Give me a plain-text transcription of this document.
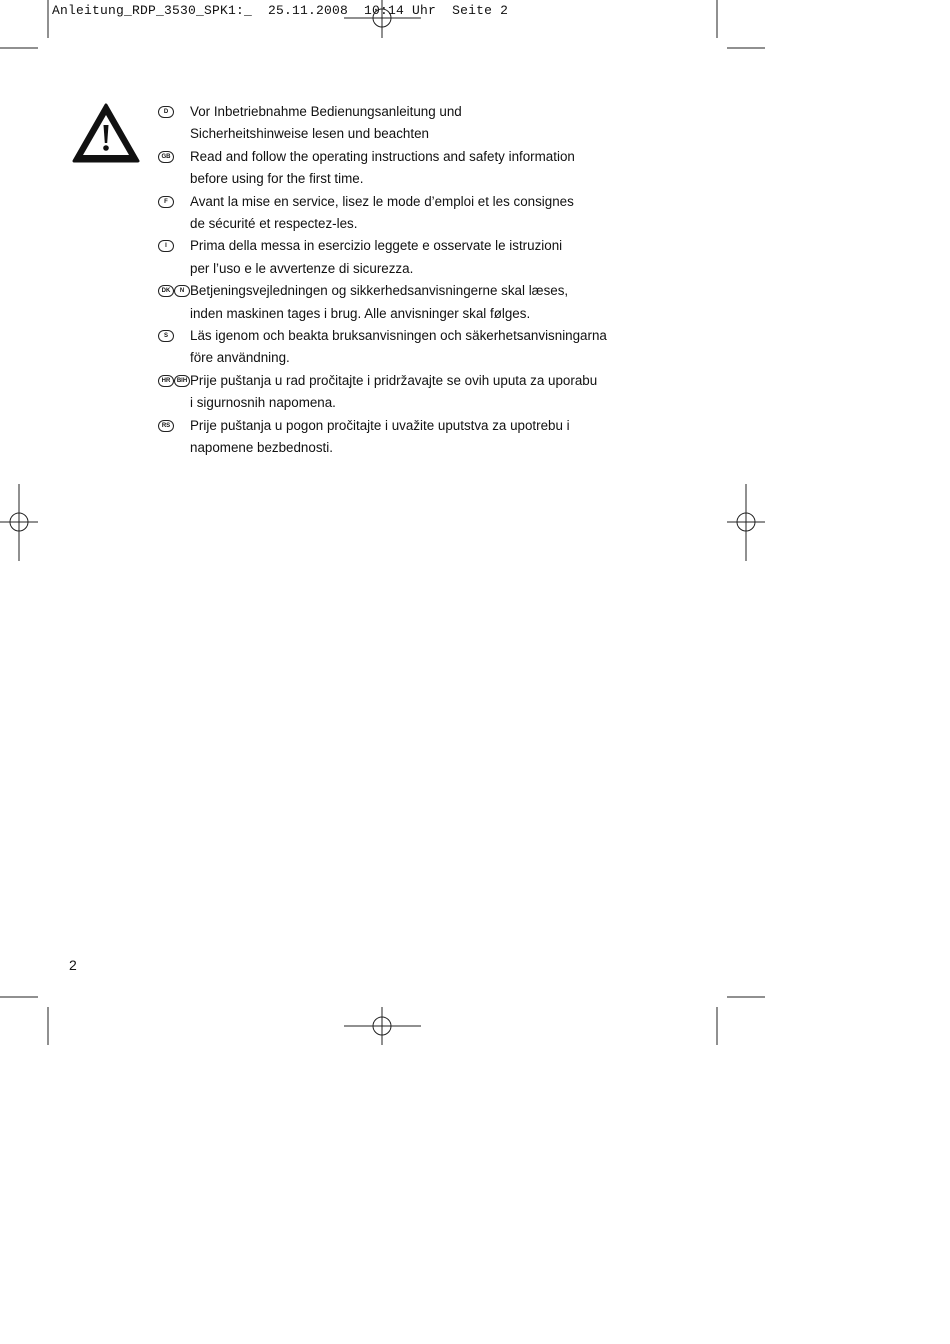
Anleitung_RDP_3530_SPK1:_  25.11.2008  10:14 Uhr  Seite 2
D	Vor Inbetriebnahme Bedienungsanleitung und
Sicherheitshinweise lesen und beachten
GB Read and follow the operating instructions and safety information
before using for the first time.
F	Avant la mise en service, lisez le mode d’emploi et les consignes
de sécurité et respectez-les.
I	Prima della messa in esercizio leggete e osservate le istruzioni
per l’uso e le avvertenze di sicurezza.
DK	N Betjeningsvejledningen og sikkerhedsanvisningerne skal læses,
inden maskinen tages i brug. Alle anvisninger skal følges.
S	Läs igenom och beakta bruksanvisningen och säkerhetsanvisningarna
före användning.
HR	BIH Prije puštanja u rad pročitajte i pridržavajte se ovih uputa za uporabu
i sigurnosnih napomena.
RS Prije puštanja u pogon pročitajte i uvažite uputstva za upotrebu i
napomene bezbednosti.
2
